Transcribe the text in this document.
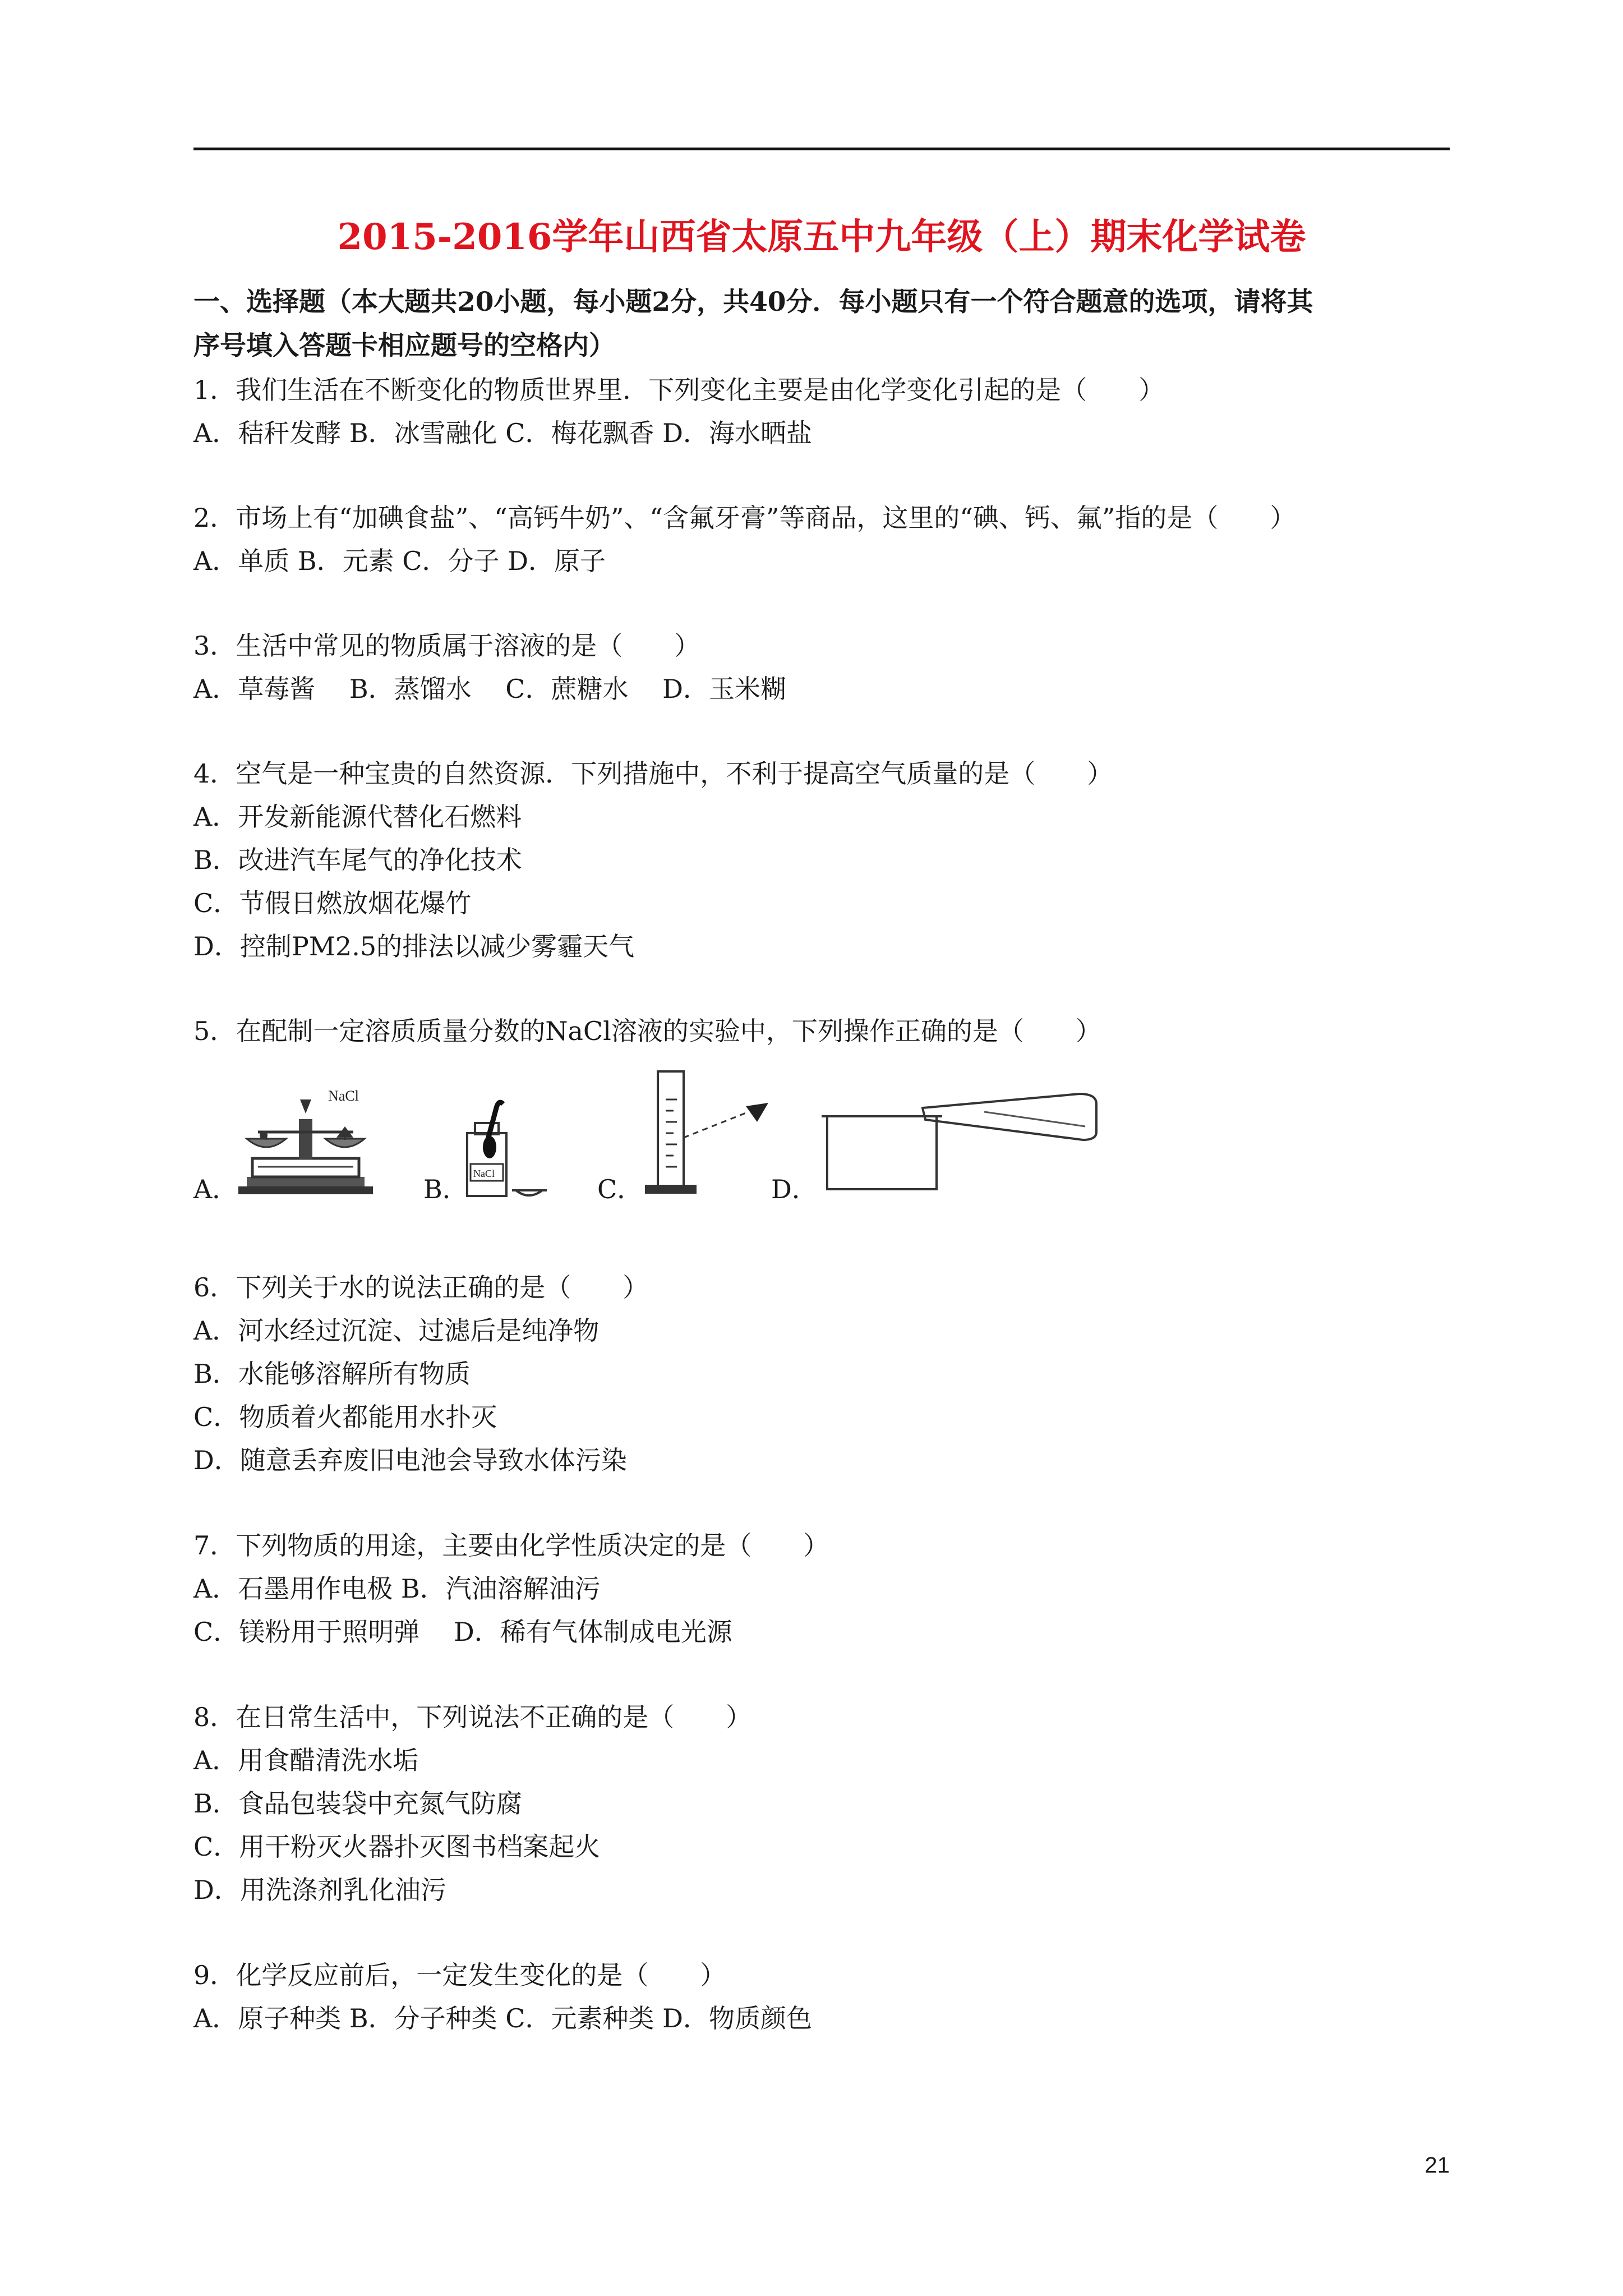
2015-2016学年山西省太原五中九年级（上）期末化学试卷
一、选择题（本大题共20小题，每小题2分，共40分．每小题只有一个符合题意的选项，请将其
序号填入答题卡相应题号的空格内）
1．我们生活在不断变化的物质世界里．下列变化主要是由化学变化引起的是（　　）
A．秸秆发酵 B．冰雪融化 C．梅花飘香 D．海水晒盐
2．市场上有“加碘食盐”、“高钙牛奶”、“含氟牙膏”等商品，这里的“碘、钙、氟”指的是（　　）
A．单质 B．元素 C．分子 D．原子
3．生活中常见的物质属于溶液的是（　　）
A．草莓酱　 B．蒸馏水　 C．蔗糖水　 D．玉米糊
4．空气是一种宝贵的自然资源．下列措施中，不利于提高空气质量的是（　　）
A．开发新能源代替化石燃料
B．改进汽车尾气的净化技术
C．节假日燃放烟花爆竹
D．控制PM2.5的排法以减少雾霾天气
5．在配制一定溶质质量分数的NaCl溶液的实验中，下列操作正确的是（　　）
A．
NaCl
B．
NaCl
C．	D．
6．下列关于水的说法正确的是（　　）
A．河水经过沉淀、过滤后是纯净物
B．水能够溶解所有物质
C．物质着火都能用水扑灭
D．随意丢弃废旧电池会导致水体污染
7．下列物质的用途，主要由化学性质决定的是（　　）
A．石墨用作电极 B．汽油溶解油污
C．镁粉用于照明弹　 D．稀有气体制成电光源
8．在日常生活中，下列说法不正确的是（　　）
A．用食醋清洗水垢
B．食品包装袋中充氮气防腐
C．用干粉灭火器扑灭图书档案起火
D．用洗涤剂乳化油污
9．化学反应前后，一定发生变化的是（　　）
A．原子种类 B．分子种类 C．元素种类 D．物质颜色
21
